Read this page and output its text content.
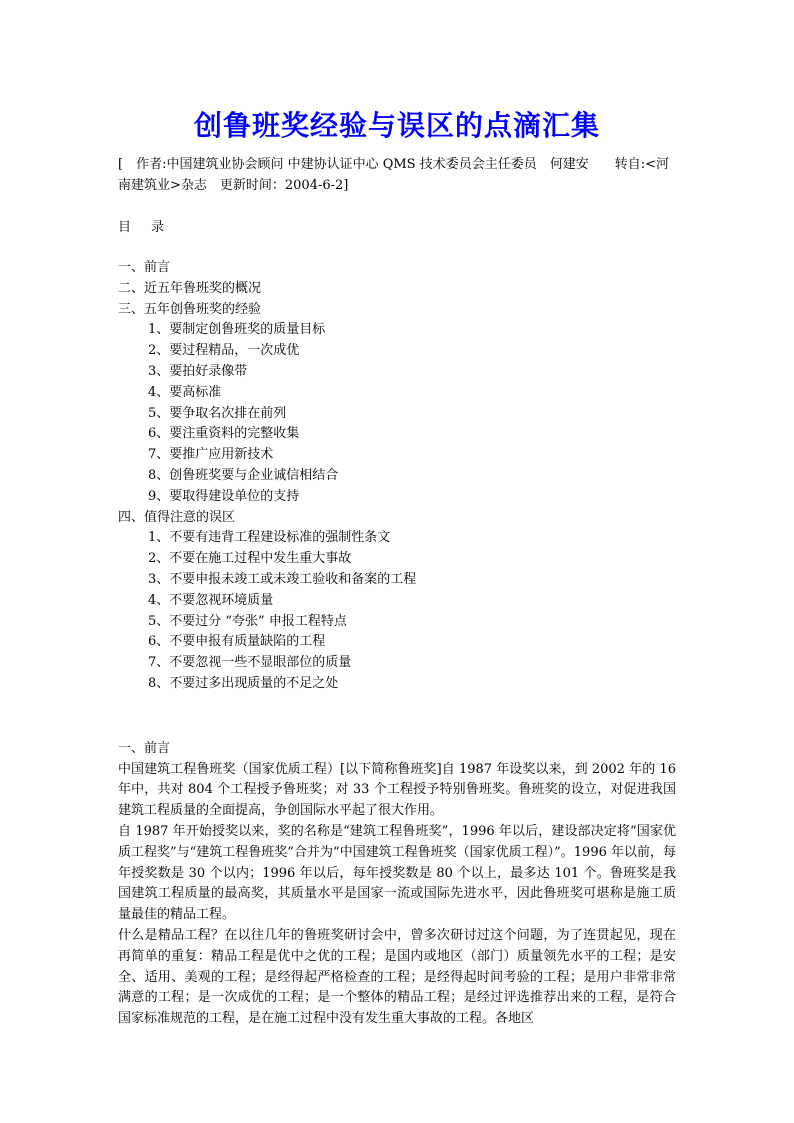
创鲁班奖经验与误区的点滴汇集

[　作者:中国建筑业协会顾问 中建协认证中心 QMS 技术委员会主任委员　何建安　　转自:<河南建筑业>杂志　更新时间：2004-6-2]

目 录
一、前言
二、近五年鲁班奖的概况
三、五年创鲁班奖的经验
1、要制定创鲁班奖的质量目标
2、要过程精品，一次成优
3、要拍好录像带
4、要高标准
5、要争取名次排在前列
6、要注重资料的完整收集
7、要推广应用新技术
8、创鲁班奖要与企业诚信相结合
9、要取得建设单位的支持
四、值得注意的误区
1、不要有违背工程建设标准的强制性条文
2、不要在施工过程中发生重大事故
3、不要申报未竣工或未竣工验收和备案的工程
4、不要忽视环境质量
5、不要过分 “夸张” 申报工程特点
6、不要申报有质量缺陷的工程
7、不要忽视一些不显眼部位的质量
8、不要过多出现质量的不足之处
一、前言

中国建筑工程鲁班奖（国家优质工程）[以下简称鲁班奖]自 1987 年设奖以来，到 2002 年的 16 年中，共对 804 个工程授予鲁班奖；对 33 个工程授予特别鲁班奖。鲁班奖的设立，对促进我国建筑工程质量的全面提高，争创国际水平起了很大作用。

自 1987 年开始授奖以来，奖的名称是“建筑工程鲁班奖”，1996 年以后，建设部决定将“国家优质工程奖”与“建筑工程鲁班奖”合并为“中国建筑工程鲁班奖（国家优质工程）”。1996 年以前，每年授奖数是 30 个以内；1996 年以后，每年授奖数是 80 个以上，最多达 101 个。鲁班奖是我国建筑工程质量的最高奖，其质量水平是国家一流或国际先进水平，因此鲁班奖可堪称是施工质量最佳的精品工程。

什么是精品工程？在以往几年的鲁班奖研讨会中，曾多次研讨过这个问题，为了连贯起见，现在再简单的重复：精品工程是优中之优的工程；是国内或地区（部门）质量领先水平的工程；是安全、适用、美观的工程；是经得起严格检查的工程；是经得起时间考验的工程；是用户非常非常满意的工程；是一次成优的工程；是一个整体的精品工程；是经过评选推荐出来的工程，是符合国家标准规范的工程，是在施工过程中没有发生重大事故的工程。各地区
